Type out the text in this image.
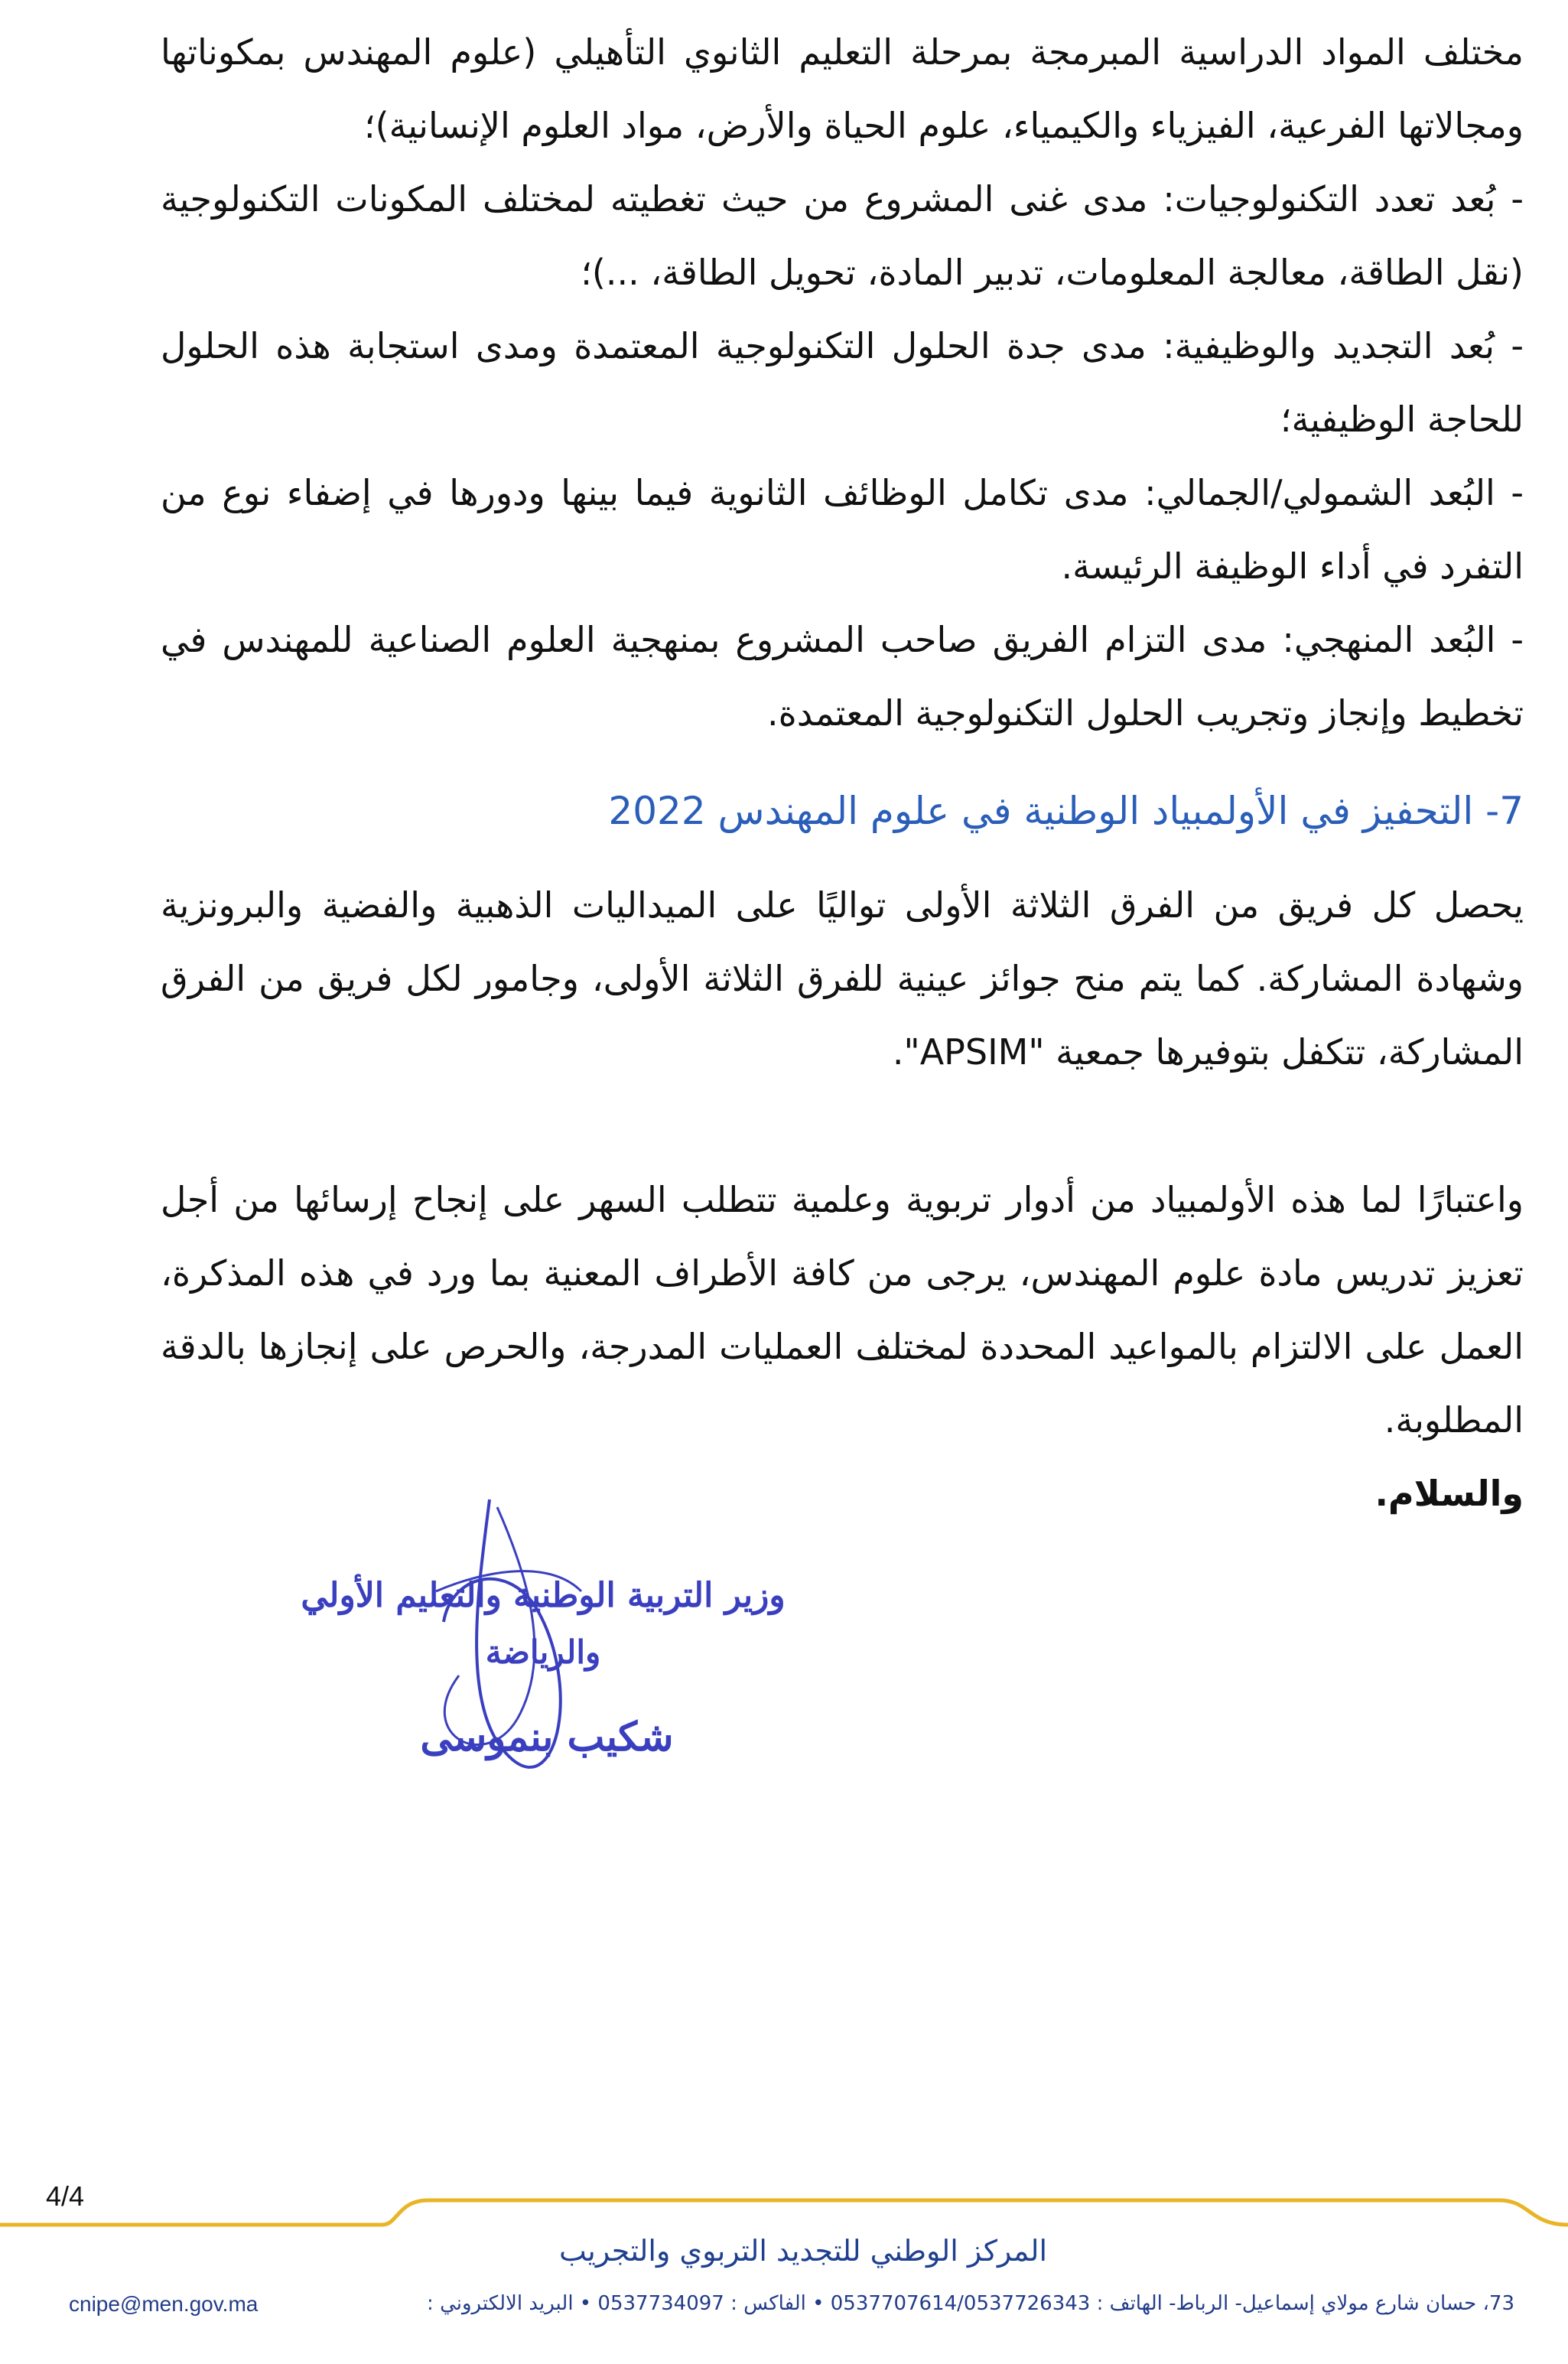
مختلف المواد الدراسية المبرمجة بمرحلة التعليم الثانوي التأهيلي (علوم المهندس بمكوناتها ومجالاتها الفرعية، الفيزياء والكيمياء، علوم الحياة والأرض، مواد العلوم الإنسانية)؛

- بُعد تعدد التكنولوجيات: مدى غنى المشروع من حيث تغطيته لمختلف المكونات التكنولوجية (نقل الطاقة، معالجة المعلومات، تدبير المادة، تحويل الطاقة، ...)؛

- بُعد التجديد والوظيفية: مدى جدة الحلول التكنولوجية المعتمدة ومدى استجابة هذه الحلول للحاجة الوظيفية؛

- البُعد الشمولي/الجمالي: مدى تكامل الوظائف الثانوية فيما بينها ودورها في إضفاء نوع من التفرد في أداء الوظيفة الرئيسة.

- البُعد المنهجي: مدى التزام الفريق صاحب المشروع بمنهجية العلوم الصناعية للمهندس في تخطيط وإنجاز وتجريب الحلول التكنولوجية المعتمدة.

7- التحفيز في الأولمبياد الوطنية في علوم المهندس 2022

يحصل كل فريق من الفرق الثلاثة الأولى تواليًا على الميداليات الذهبية والفضية والبرونزية وشهادة المشاركة. كما يتم منح جوائز عينية للفرق الثلاثة الأولى، وجامور لكل فريق من الفرق المشاركة، تتكفل بتوفيرها جمعية "APSIM".

واعتبارًا لما هذه الأولمبياد من أدوار تربوية وعلمية تتطلب السهر على إنجاح إرسائها من أجل تعزيز تدريس مادة علوم المهندس، يرجى من كافة الأطراف المعنية بما ورد في هذه المذكرة، العمل على الالتزام بالمواعيد المحددة لمختلف العمليات المدرجة، والحرص على إنجازها بالدقة المطلوبة.

والسلام.

وزير التربية الوطنية والتعليم الأولي
والرياضة
شكيب بنموسى
4/4
المركز الوطني للتجديد التربوي والتجريب
cnipe@men.gov.ma	73، حسان شارع مولاي إسماعيل- الرباط- الهاتف : 0537707614/0537726343 • الفاكس : 0537734097 • البريد الالكتروني :
